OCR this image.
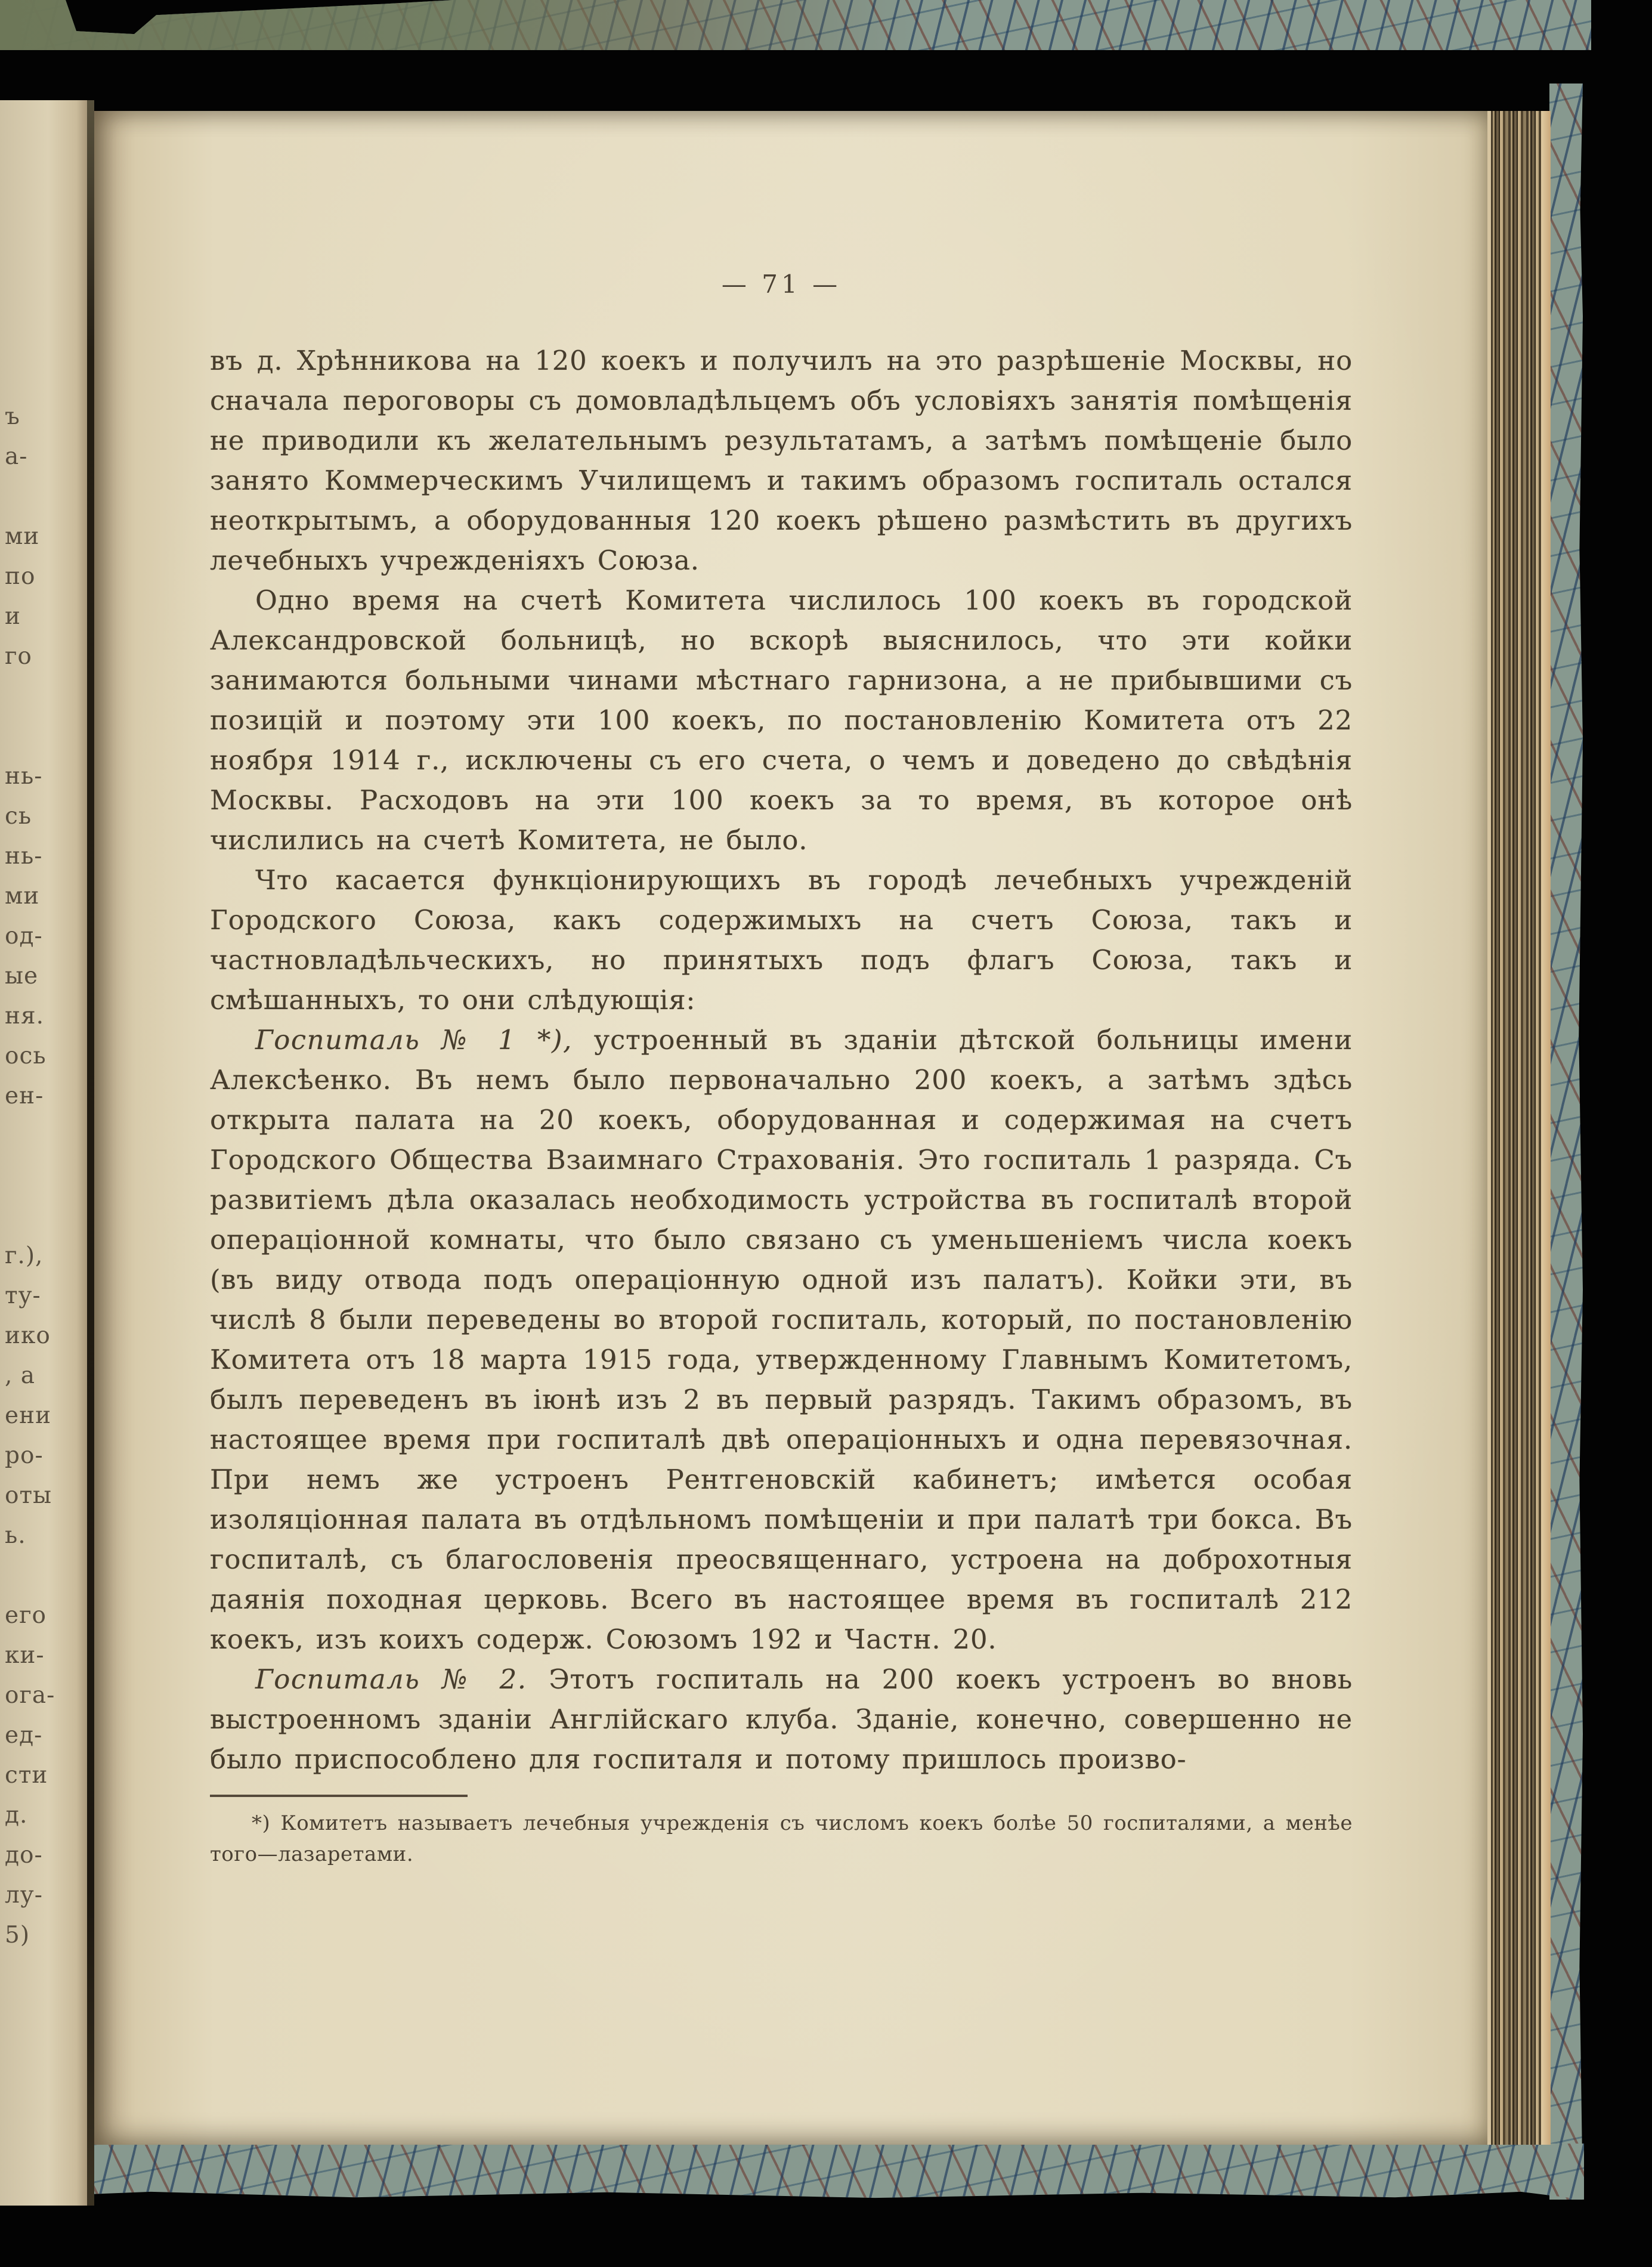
ъ
а-
ми
по
и
го
нь-
сь
нь-
ми
од-
ые
ня.
ось
ен-
г.),
ту-
ико
, а
ени
ро-
оты
ь.
его
ки-
ога-
ед-
сти
д.
до-
лу-
5)
— 71 —

въ д. Хрѣнникова на 120 коекъ и получилъ на это разрѣшеніе Москвы, но сначала пероговоры съ домовладѣльцемъ объ условіяхъ занятія помѣщенія не приводили къ желательнымъ результатамъ, а затѣмъ помѣщеніе было занято Коммерческимъ Училищемъ и такимъ образомъ госпиталь остался неоткрытымъ, а оборудованныя 120 коекъ рѣшено размѣстить въ другихъ лечебныхъ учрежденіяхъ Союза.

Одно время на счетѣ Комитета числилось 100 коекъ въ городской Александровской больницѣ, но вскорѣ выяснилось, что эти койки занимаются больными чинами мѣстнаго гарнизона, а не прибывшими съ позицій и поэтому эти 100 коекъ, по постановленію Комитета отъ 22 ноября 1914 г., исключены съ его счета, о чемъ и доведено до свѣдѣнія Москвы. Расходовъ на эти 100 коекъ за то время, въ которое онѣ числились на счетѣ Комитета, не было.

Что касается функціонирующихъ въ городѣ лечебныхъ учрежденій Городского Союза, какъ содержимыхъ на счетъ Союза, такъ и частновладѣльческихъ, но принятыхъ подъ флагъ Союза, такъ и смѣшанныхъ, то они слѣдующія:

Госпиталь № 1 *), устроенный въ зданіи дѣтской больницы имени Алексѣенко. Въ немъ было первоначально 200 коекъ, а затѣмъ здѣсь открыта палата на 20 коекъ, оборудованная и содержимая на счетъ Городского Общества Взаимнаго Страхованія. Это госпиталь 1 разряда. Съ развитіемъ дѣла оказалась необходимость устройства въ госпиталѣ второй операціонной комнаты, что было связано съ уменьшеніемъ числа коекъ (въ виду отвода подъ операціонную одной изъ палатъ). Койки эти, въ числѣ 8 были переведены во второй госпиталь, который, по постановленію Комитета отъ 18 марта 1915 года, утвержденному Главнымъ Комитетомъ, былъ переведенъ въ іюнѣ изъ 2 въ первый разрядъ. Такимъ образомъ, въ настоящее время при госпиталѣ двѣ операціонныхъ и одна перевязочная. При немъ же устроенъ Рентгеновскій кабинетъ; имѣется особая изоляціонная палата въ отдѣльномъ помѣщеніи и при палатѣ три бокса. Въ госпиталѣ, съ благословенія преосвященнаго, устроена на доброхотныя даянія походная церковь. Всего въ настоящее время въ госпиталѣ 212 коекъ, изъ коихъ содерж. Союзомъ 192 и Частн. 20.

Госпиталь № 2. Этотъ госпиталь на 200 коекъ устроенъ во вновь выстроенномъ зданіи Англійскаго клуба. Зданіе, конечно, совершенно не было приспособлено для госпиталя и потому пришлось произво-

*) Комитетъ называетъ лечебныя учрежденія съ числомъ коекъ болѣе 50 госпиталями, а менѣе того—лазаретами.
